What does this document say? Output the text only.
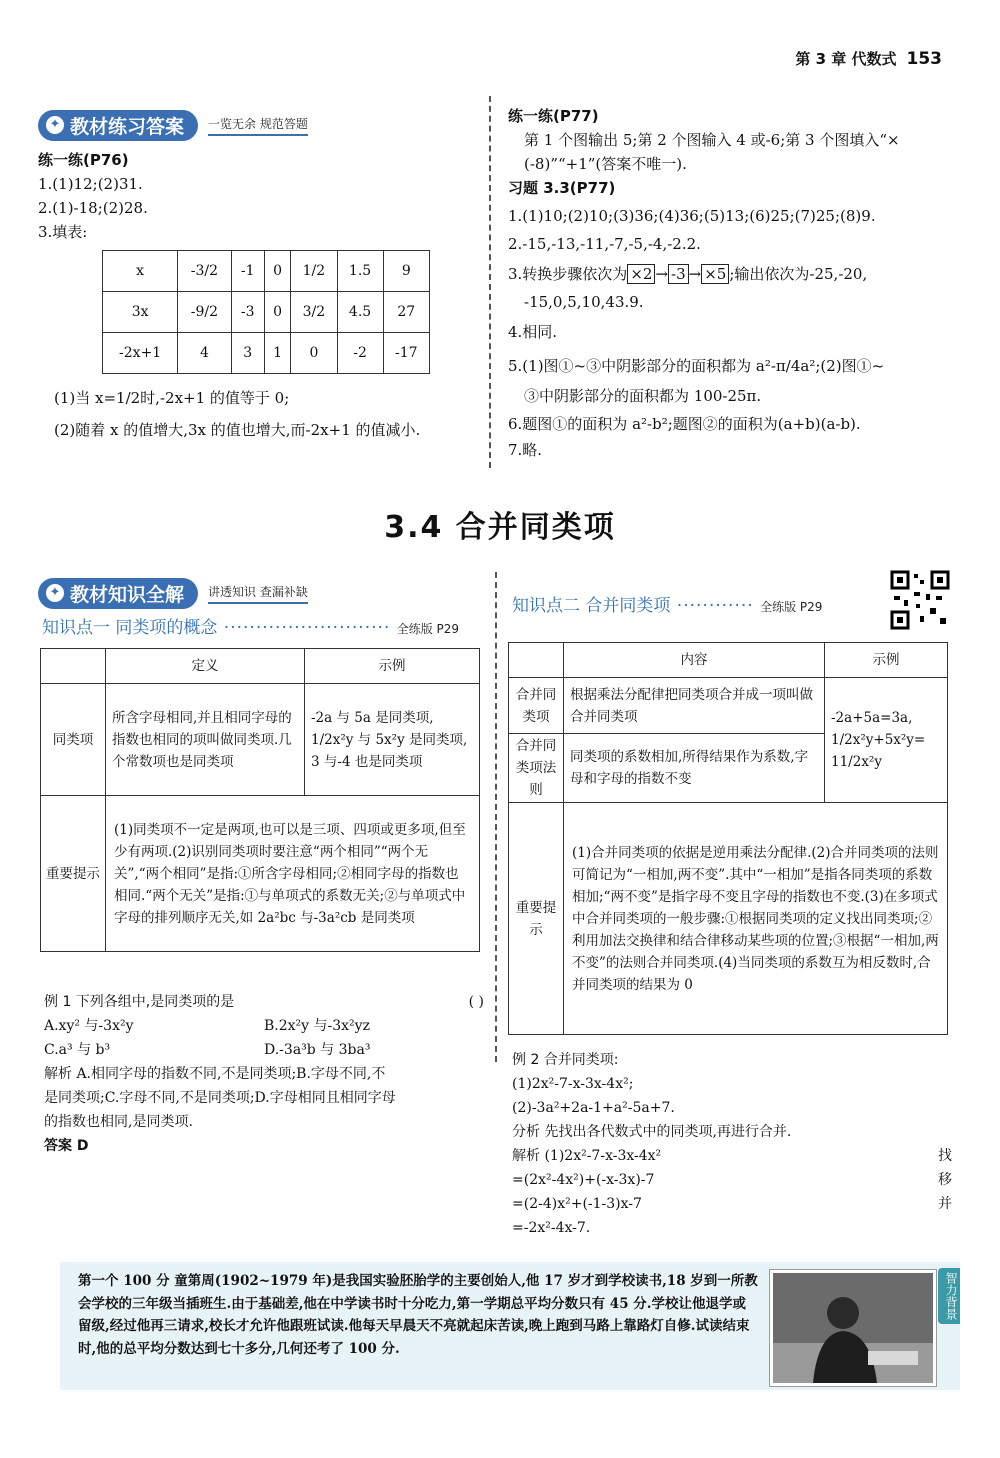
第 3 章 代数式 153
✦ 教材练习答案 一览无余 规范答题
练一练(P76)
1.(1)12;(2)31.
2.(1)-18;(2)28.
3.填表:
x	-3/2	-1	0	1/2	1.5	9
3x	-9/2	-3	0	3/2	4.5	27
-2x+1	4	3	1	0	-2	-17
(1)当 x=1/2时,-2x+1 的值等于 0;
(2)随着 x 的值增大,3x 的值也增大,而-2x+1 的值减小.
练一练(P77)
第 1 个图输出 5;第 2 个图输入 4 或-6;第 3 个图填入“×
(-8)”“+1”(答案不唯一).
习题 3.3(P77)
1.(1)10;(2)10;(3)36;(4)36;(5)13;(6)25;(7)25;(8)9.
2.-15,-13,-11,-7,-5,-4,-2.2.
3.转换步骤依次为 ×2 → -3 → ×5 ;输出依次为-25,-20,
-15,0,5,10,43.9.
4.相同.
5.(1)图①~③中阴影部分的面积都为 a²-π/4a²;(2)图①~
③中阴影部分的面积都为 100-25π.
6.题图①的面积为 a²-b²;题图②的面积为(a+b)(a-b).
7.略.
3.4 合并同类项
✦ 教材知识全解 讲透知识 查漏补缺
知识点一 同类项的概念 ·························· 全练版 P29
	定义	示例
同类项	所含字母相同,并且相同字母的指数也相同的项叫做同类项.几个常数项也是同类项	-2a 与 5a 是同类项,
1/2x²y 与 5x²y 是同类项,
3 与-4 也是同类项

重要提示	(1)同类项不一定是两项,也可以是三项、四项或更多项,但至少有两项.(2)识别同类项时要注意“两个相同”“两个无关”,“两个相同”是指:①所含字母相同;②相同字母的指数也相同.“两个无关”是指:①与单项式的系数无关;②与单项式中字母的排列顺序无关,如 2a²bc 与-3a²cb 是同类项	
例 1 下列各组中,是同类项的是	( )
A.xy² 与-3x²y	B.2x²y 与-3x²yz
C.a³ 与 b³	D.-3a³b 与 3ba³
解析 A.相同字母的指数不同,不是同类项;B.字母不同,不
是同类项;C.字母不同,不是同类项;D.字母相同且相同字母
的指数也相同,是同类项.
答案 D
知识点二 合并同类项 ············ 全练版 P29
	内容	示例
合并同类项	根据乘法分配律把同类项合并成一项叫做合并同类项	-2a+5a=3a,
1/2x²y+5x²y=
11/2x²y

合并同类项法则	同类项的系数相加,所得结果作为系数,字母和字母的指数不变	
重要提示	(1)合并同类项的依据是逆用乘法分配律.(2)合并同类项的法则可简记为“一相加,两不变”.其中“一相加”是指各同类项的系数相加;“两不变”是指字母不变且字母的指数也不变.(3)在多项式中合并同类项的一般步骤:①根据同类项的定义找出同类项;②利用加法交换律和结合律移动某些项的位置;③根据“一相加,两不变”的法则合并同类项.(4)当同类项的系数互为相反数时,合并同类项的结果为 0	
例 2 合并同类项:
(1)2x²-7-x-3x-4x²;
(2)-3a²+2a-1+a²-5a+7.
分析 先找出各代数式中的同类项,再进行合并.
解析 (1)2x²-7-x-3x-4x²	找
=(2x²-4x²)+(-x-3x)-7	移
=(2-4)x²+(-1-3)x-7	并
=-2x²-4x-7.
第一个 100 分 童第周(1902~1979 年)是我国实验胚胎学的主要创始人,他 17 岁才到学校读书,18 岁到一所教会学校的三年级当插班生.由于基础差,他在中学读书时十分吃力,第一学期总平均分数只有 45 分.学校让他退学或留级,经过他再三请求,校长才允许他跟班试读.他每天早晨天不亮就起床苦读,晚上跑到马路上靠路灯自修.试读结束时,他的总平均分数达到七十多分,几何还考了 100 分.
智力背景
